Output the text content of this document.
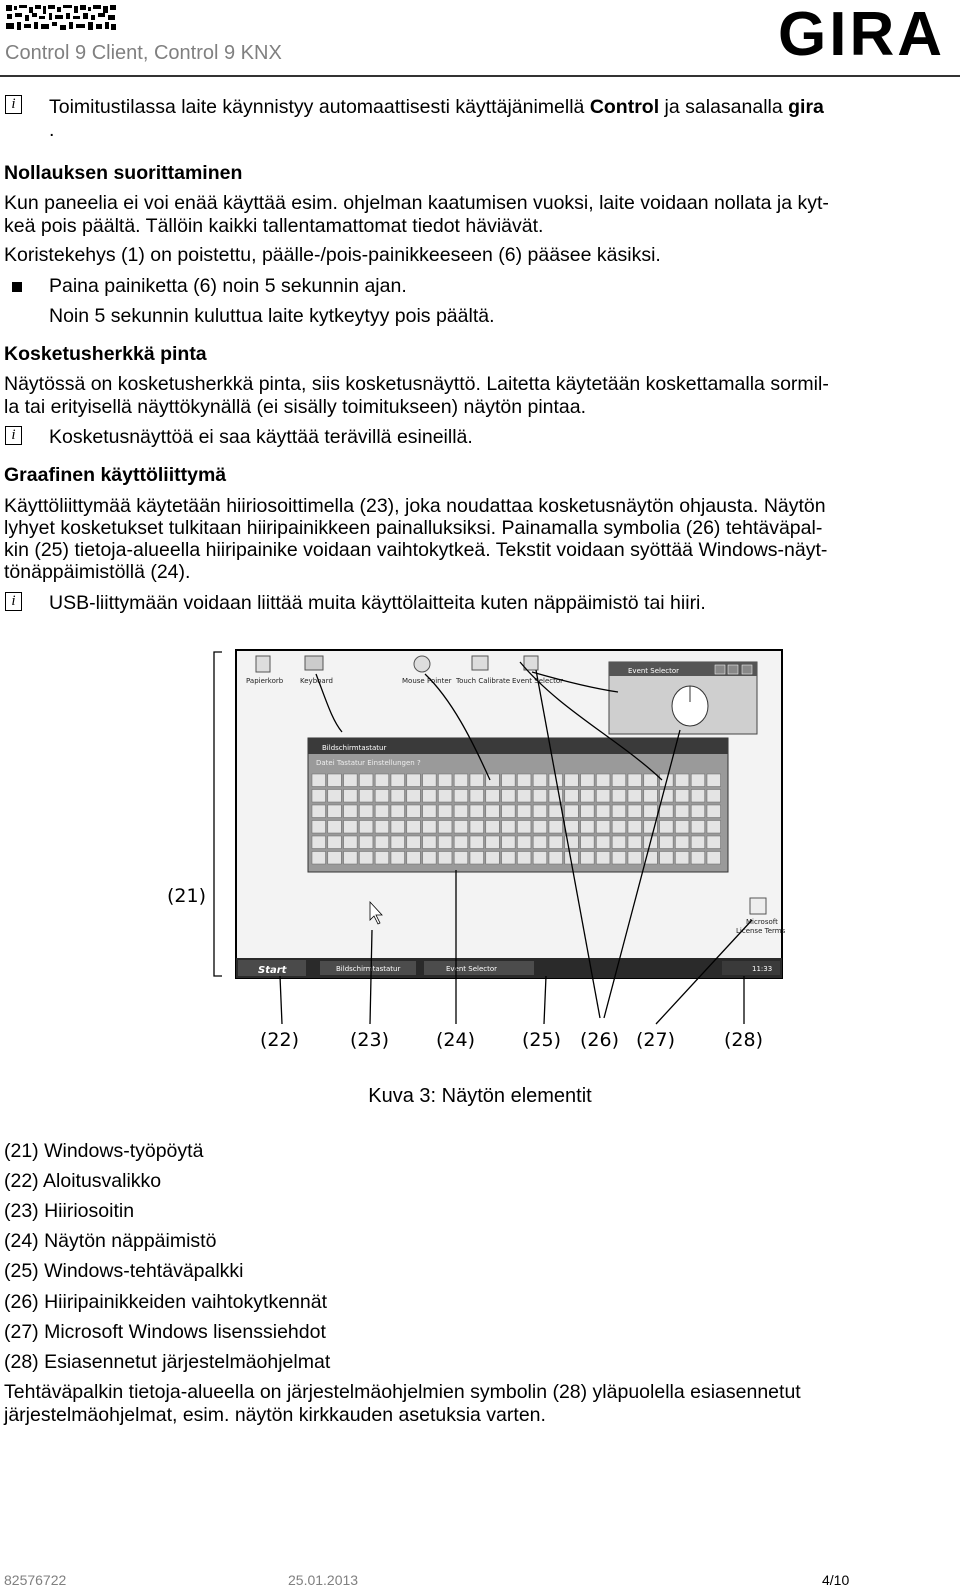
Control 9 Client, Control 9 KNX	GIRA
i	Toimitustilassa laite käynnistyy automaattisesti käyttäjänimellä Control ja salasanalla gira
.
Nollauksen suorittaminen
Kun paneelia ei voi enää käyttää esim. ohjelman kaatumisen vuoksi, laite voidaan nollata ja kyt-
keä pois päältä. Tällöin kaikki tallentamattomat tiedot häviävät.
Koristekehys (1) on poistettu, päälle-/pois-painikkeeseen (6) pääsee käsiksi.
Paina painiketta (6) noin 5 sekunnin ajan.
Noin 5 sekunnin kuluttua laite kytkeytyy pois päältä.
Kosketusherkkä pinta
Näytössä on kosketusherkkä pinta, siis kosketusnäyttö. Laitetta käytetään koskettamalla sormil-
la tai erityisellä näyttökynällä (ei sisälly toimitukseen) näytön pintaa.
i	Kosketusnäyttöä ei saa käyttää terävillä esineillä.
Graafinen käyttöliittymä
Käyttöliittymää käytetään hiiriosoittimella (23), joka noudattaa kosketusnäytön ohjausta. Näytön
lyhyet kosketukset tulkitaan hiiripainikkeen painalluksiksi. Painamalla symbolia (26) tehtäväpal-
kin (25) tietoja-alueella hiiripainike voidaan vaihtokytkeä. Tekstit voidaan syöttää Windows-näyt-
tönäppäimistöllä (24).
i	USB-liittymään voidaan liittää muita käyttölaitteita kuten näppäimistö tai hiiri.
Papierkorb Keyboard	Mouse Pointer Touch Calibrate Event Selector
Event Selector
Bildschirmtastatur
Datei Tastatur Einstellungen ?
Microsoft
License Terms
Start	Bildschirmtastatur	Event Selector	11:33
(21)
(22)	(23) (24) (25) (26) (27)	(28)
Kuva 3: Näytön elementit
(21) Windows-työpöytä
(22) Aloitusvalikko
(23) Hiiriosoitin
(24) Näytön näppäimistö
(25) Windows-tehtäväpalkki
(26) Hiiripainikkeiden vaihtokytkennät
(27) Microsoft Windows lisenssiehdot
(28) Esiasennetut järjestelmäohjelmat
Tehtäväpalkin tietoja-alueella on järjestelmäohjelmien symbolin (28) yläpuolella esiasennetut
järjestelmäohjelmat, esim. näytön kirkkauden asetuksia varten.
82576722	25.01.2013	4/10
